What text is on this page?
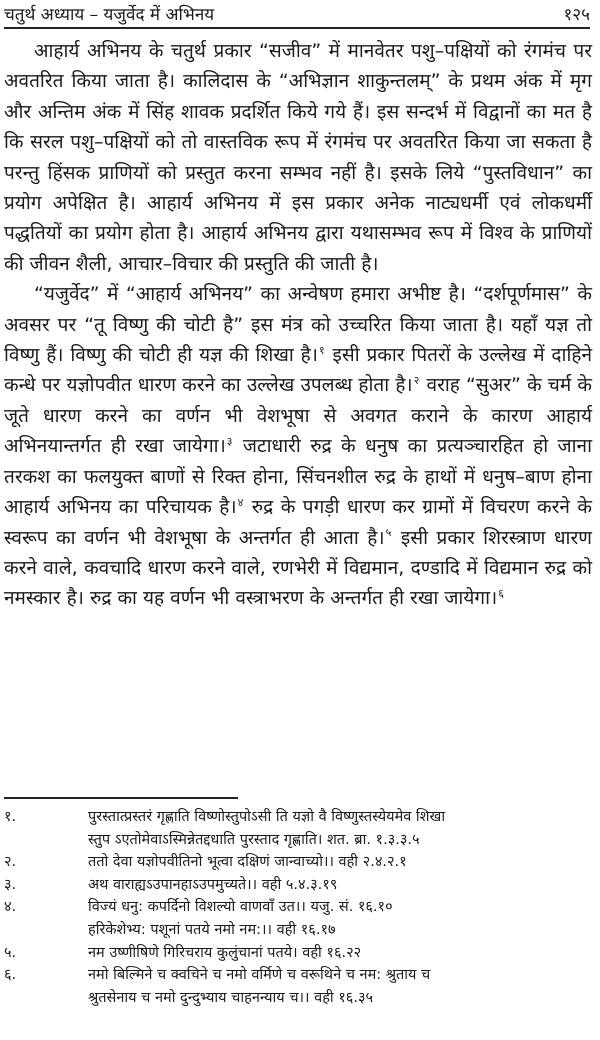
चतुर्थ अध्याय – यजुर्वेद में अभिनय	१२५

आहार्य अभिनय के चतुर्थ प्रकार “सजीव” में मानवेतर पशु–पक्षियों को रंगमंच पर अवतरित किया जाता है। कालिदास के “अभिज्ञान शाकुन्तलम्” के प्रथम अंक में मृग और अन्तिम अंक में सिंह शावक प्रदर्शित किये गये हैं। इस सन्दर्भ में विद्वानों का मत है कि सरल पशु–पक्षियों को तो वास्तविक रूप में रंगमंच पर अवतरित किया जा सकता है परन्तु हिंसक प्राणियों को प्रस्तुत करना सम्भव नहीं है। इसके लिये “पुस्तविधान” का प्रयोग अपेक्षित है। आहार्य अभिनय में इस प्रकार अनेक नाट्यधर्मी एवं लोकधर्मी पद्धतियों का प्रयोग होता है। आहार्य अभिनय द्वारा यथासम्भव रूप में विश्व के प्राणियों की जीवन शैली, आचार–विचार की प्रस्तुति की जाती है।

“यजुर्वेद” में “आहार्य अभिनय” का अन्वेषण हमारा अभीष्ट है। “दर्शपूर्णमास” के अवसर पर “तू विष्णु की चोटी है” इस मंत्र को उच्चरित किया जाता है। यहाँ यज्ञ तो विष्णु हैं। विष्णु की चोटी ही यज्ञ की शिखा है।$^१$ इसी प्रकार पितरों के उल्लेख में दाहिने कन्धे पर यज्ञोपवीत धारण करने का उल्लेख उपलब्ध होता है।$^२$ वराह “सुअर” के चर्म के जूते धारण करने का वर्णन भी वेशभूषा से अवगत कराने के कारण आहार्य अभिनयान्तर्गत ही रखा जायेगा।$^३$ जटाधारी रुद्र के धनुष का प्रत्यञ्चारहित हो जाना तरकश का फलयुक्त बाणों से रिक्त होना, सिंचनशील रुद्र के हाथों में धनुष–बाण होना आहार्य अभिनय का परिचायक है।$^४$ रुद्र के पगड़ी धारण कर ग्रामों में विचरण करने के स्वरूप का वर्णन भी वेशभूषा के अन्तर्गत ही आता है।$^५$ इसी प्रकार शिरस्त्राण धारण करने वाले, कवचादि धारण करने वाले, रणभेरी में विद्यमान, दण्डादि में विद्यमान रुद्र को नमस्कार है। रुद्र का यह वर्णन भी वस्त्राभरण के अन्तर्गत ही रखा जायेगा।$^६$

१.	पुरस्तात्प्रस्तरं गृह्णाति विष्णोस्तुपोऽसी ति यज्ञो वै विष्णुस्तस्येयमेव शिखा
स्तुप ऽएतोमेवाऽस्मिन्नेतद्दधाति पुरस्ताद गृह्णाति। शत. ब्रा. १.३.३.५
२.	ततो देवा यज्ञोपवीतिनो भूत्वा दक्षिणं जान्वाच्यो।। वही २.४.२.१
३.	अथ वाराह्यऽउपानहाऽउपमुच्यते।। वही ५.४.३.१९
४.	विज्यं धनु: कपर्दिनो विशल्यो वाणवाँ उत।। यजु. सं. १६.१०
हरिकेशेभ्य: पशूनां पतये नमो नम:।। वही १६.१७
५.	नम उष्णीषिणे गिरिचराय कुलुंचानां पतये। वही १६.२२
६.	नमो बिल्मिने च क्वचिने च नमो वर्मिणे च वरूथिने च नम: श्रुताय च
श्रुतसेनाय च नमो दुन्दुभ्याय चाहनन्याय च।। वही १६.३५
